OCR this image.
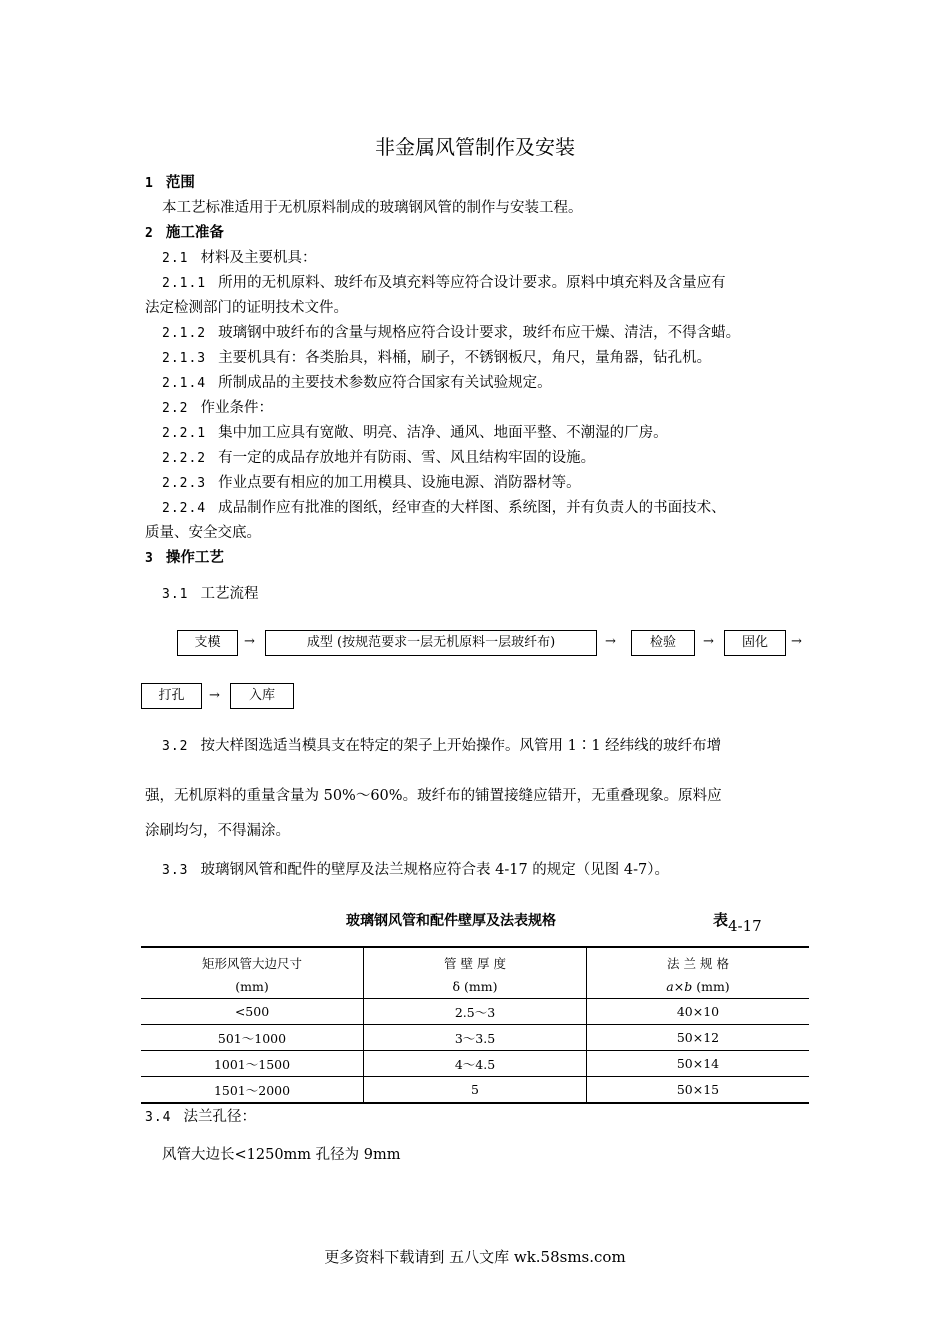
非金属风管制作及安装
1 范围
本工艺标准适用于无机原料制成的玻璃钢风管的制作与安装工程。
2 施工准备
2.1 材料及主要机具：
2.1.1 所用的无机原料、玻纤布及填充料等应符合设计要求。原料中填充料及含量应有
法定检测部门的证明技术文件。
2.1.2 玻璃钢中玻纤布的含量与规格应符合设计要求，玻纤布应干燥、清洁，不得含蜡。
2.1.3 主要机具有：各类胎具，料桶，刷子，不锈钢板尺，角尺，量角器，钻孔机。
2.1.4 所制成品的主要技术参数应符合国家有关试验规定。
2.2 作业条件：
2.2.1 集中加工应具有宽敞、明亮、洁净、通风、地面平整、不潮湿的厂房。
2.2.2 有一定的成品存放地并有防雨、雪、风且结构牢固的设施。
2.2.3 作业点要有相应的加工用模具、设施电源、消防器材等。
2.2.4 成品制作应有批准的图纸，经审查的大样图、系统图，并有负责人的书面技术、
质量、安全交底。
3 操作工艺
3.1 工艺流程
支模	→	成型 (按规范要求一层无机原料一层玻纤布)	→	检验	→	固化	→
打孔	→	入库
3.2 按大样图选适当模具支在特定的架子上开始操作。风管用 1∶1 经纬线的玻纤布增
强，无机原料的重量含量为 50%～60%。玻纤布的铺置接缝应错开，无重叠现象。原料应
涂刷均匀，不得漏涂。
3.3 玻璃钢风管和配件的壁厚及法兰规格应符合表 4-17 的规定（见图 4-7）。
玻璃钢风管和配件壁厚及法表规格	表4-17
矩形风管大边尺寸	管 壁 厚 度	法 兰 规 格
(mm)	δ (mm)	a×b (mm)
<500	2.5～3	40×10
501～1000	3～3.5	50×12
1001～1500	4～4.5	50×14
1501～2000	5	50×15
3.4 法兰孔径：
风管大边长<1250mm 孔径为 9mm
更多资料下载请到 五八文库 wk.58sms.com
